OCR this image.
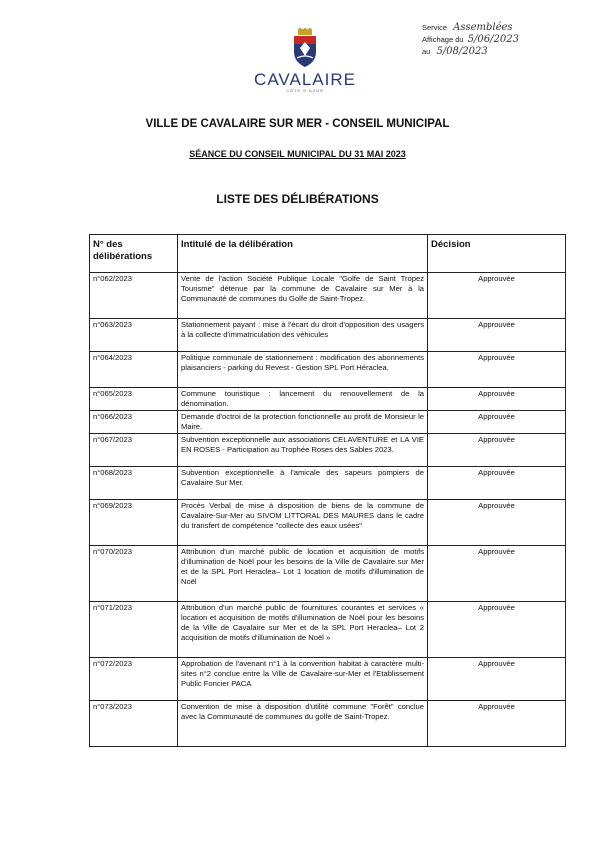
CAVALAIRE
CÔTE D'AZUR
Service Assemblées
Affichage du 5/06/2023
au 5/08/2023
VILLE DE CAVALAIRE SUR MER - CONSEIL MUNICIPAL
SÉANCE DU CONSEIL MUNICIPAL DU 31 MAI 2023
LISTE DES DÉLIBÉRATIONS
N° des délibérations	Intitulé de la délibération	Décision
n°062/2023	Vente de l'action Société Publique Locale "Golfe de Saint Tropez Tourisme" détenue par la commune de Cavalaire sur Mer à la Communauté de communes du Golfe de Saint-Tropez.	Approuvée
n°063/2023	Stationnement payant : mise à l'écart du droit d'opposition des usagers à la collecte d'immatriculation des véhicules	Approuvée
n°064/2023	Politique communale de stationnement : modification des abonnements plaisanciers - parking du Revest - Gestion SPL Port Héraclea.	Approuvée
n°065/2023	Commune touristique : lancement du renouvellement de la dénomination.	Approuvée
n°066/2023	Demande d'octroi de la protection fonctionnelle au profit de Monsieur le Maire.	Approuvée
n°067/2023	Subvention exceptionnelle aux associations CELAVENTURE et LA VIE EN ROSES - Participation au Trophée Roses des Sables 2023.	Approuvée
n°068/2023	Subvention exceptionnelle à l'amicale des sapeurs pompiers de Cavalaire Sur Mer.	Approuvée
n°069/2023	Procès Verbal de mise à disposition de biens de la commune de Cavalaire-Sur-Mer au SIVOM LITTORAL DES MAURES dans le cadre du transfert de compétence "collecte des eaux usées"	Approuvée
n°070/2023	Attribution d'un marché public de location et acquisition de motifs d'illumination de Noël pour les besoins de la Ville de Cavalaire sur Mer et de la SPL Port Heraclea– Lot 1 location de motifs d'illumination de Noël	Approuvée
n°071/2023	Attribution d'un marché public de fournitures courantes et services « location et acquisition de motifs d'illumination de Noël pour les besoins de la Ville de Cavalaire sur Mer et de la SPL Port Heraclea– Lot 2 acquisition de motifs d'illumination de Noël »	Approuvée
n°072/2023	Approbation de l'avenant n°1 à la convention habitat à caractère multi-sites n°2 conclue entre la Ville de Cavalaire-sur-Mer et l'Etablissement Public Foncier PACA	Approuvée
n°073/2023	Convention de mise à disposition d'utilité commune "Forêt" conclue avec la Communauté de communes du golfe de Saint-Tropez.	Approuvée
